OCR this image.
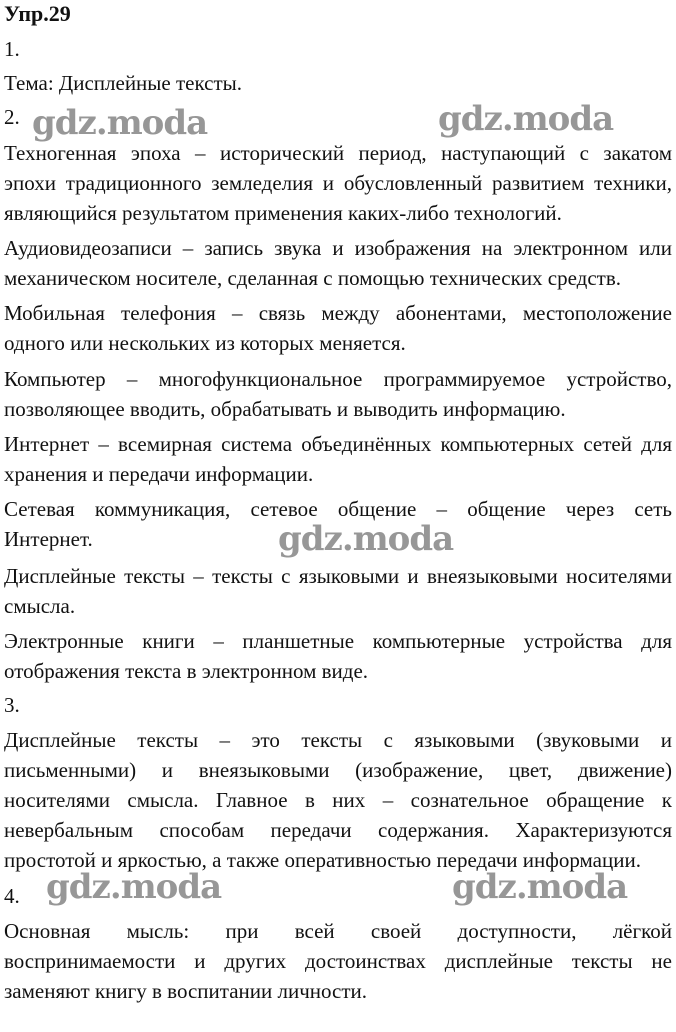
Упр.29
1.
Тема: Дисплейные тексты.
2.
Техногенная эпоха – исторический период, наступающий с закатом
эпохи традиционного земледелия и обусловленный развитием техники,
являющийся результатом применения каких-либо технологий.
Аудиовидеозаписи – запись звука и изображения на электронном или
механическом носителе, сделанная с помощью технических средств.
Мобильная телефония – связь между абонентами, местоположение
одного или нескольких из которых меняется.
Компьютер – многофункциональное программируемое устройство,
позволяющее вводить, обрабатывать и выводить информацию.
Интернет – всемирная система объединённых компьютерных сетей для
хранения и передачи информации.
Сетевая коммуникация, сетевое общение – общение через сеть
Интернет.
Дисплейные тексты – тексты с языковыми и внеязыковыми носителями
смысла.
Электронные книги – планшетные компьютерные устройства для
отображения текста в электронном виде.
3.
Дисплейные тексты – это тексты с языковыми (звуковыми и
письменными) и внеязыковыми (изображение, цвет, движение)
носителями смысла. Главное в них – сознательное обращение к
невербальным способам передачи содержания. Характеризуются
простотой и яркостью, а также оперативностью передачи информации.
4.
Основная мысль: при всей своей доступности, лёгкой
воспринимаемости и других достоинствах дисплейные тексты не
заменяют книгу в воспитании личности.
gdz.moda	gdz.moda
gdz.moda
gdz.moda	gdz.moda
